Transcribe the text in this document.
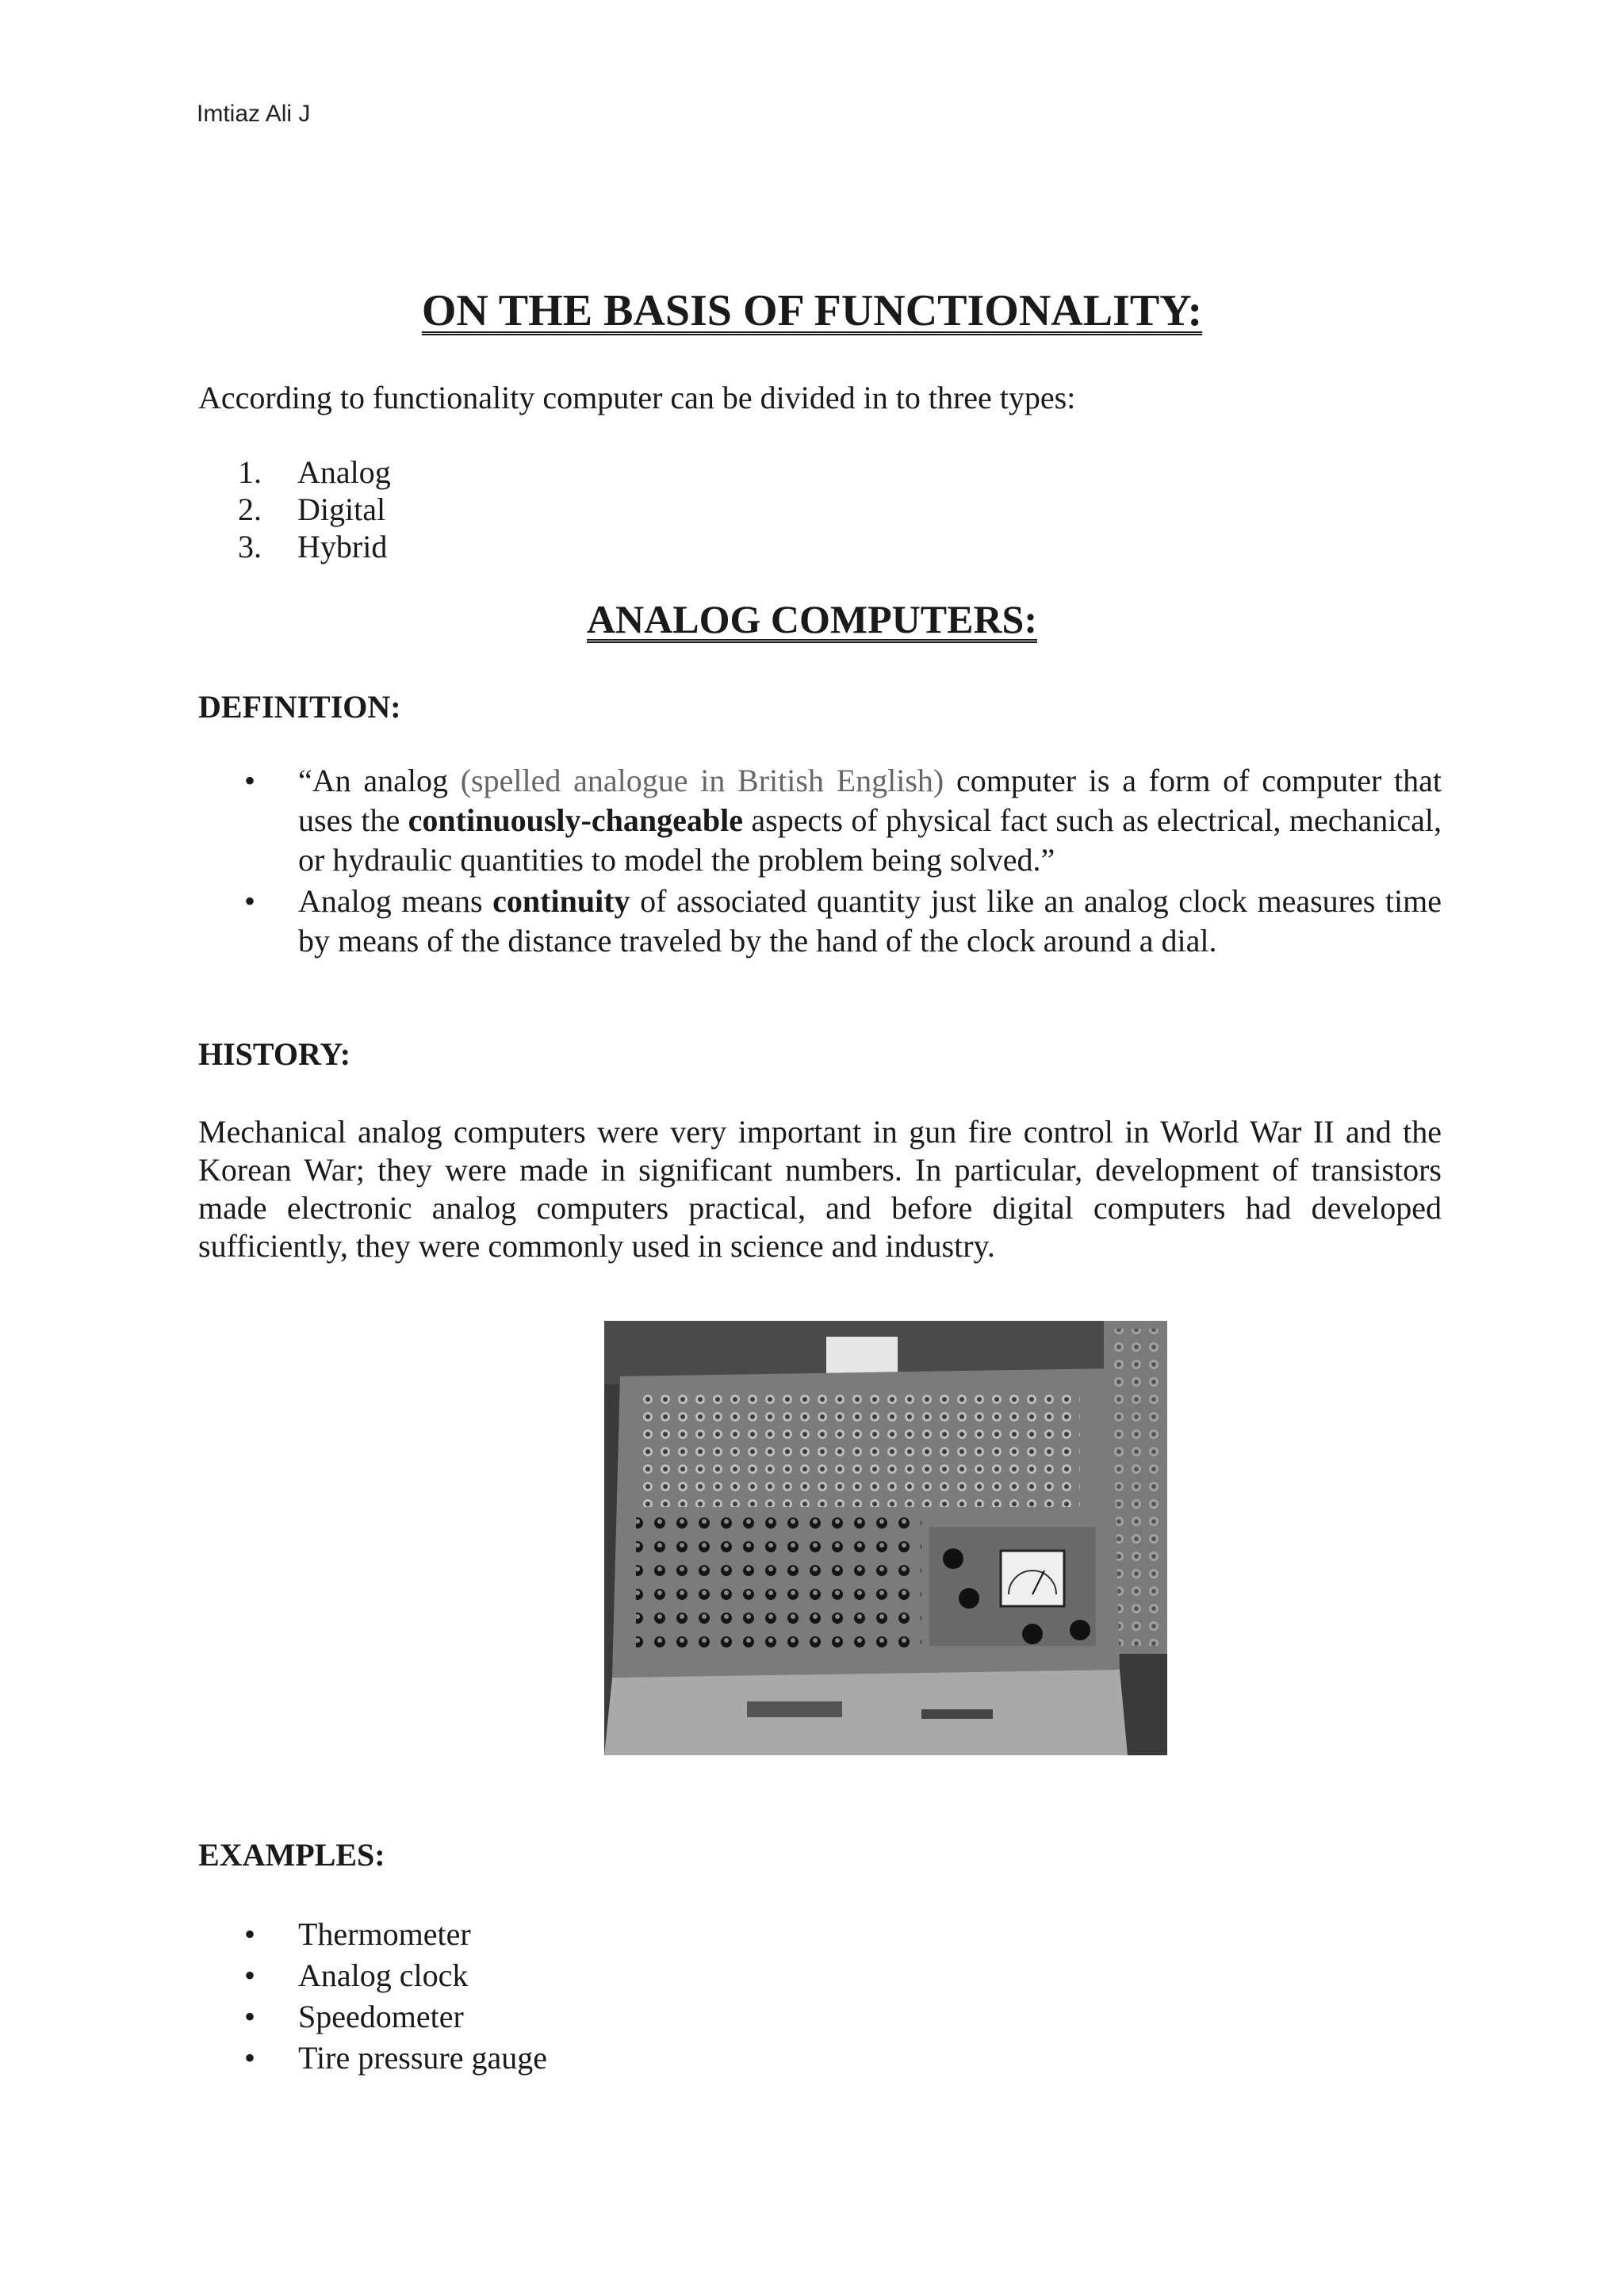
Imtiaz Ali J
ON THE BASIS OF FUNCTIONALITY:
According to functionality computer can be divided in to three types:
1.	Analog
2.	Digital
3.	Hybrid
ANALOG COMPUTERS:
DEFINITION:
•	“An analog (spelled analogue in British English) computer is a form of computer that uses the continuously-changeable aspects of physical fact such as electrical, mechanical, or hydraulic quantities to model the problem being solved.”
•	Analog means continuity of associated quantity just like an analog clock measures time by means of the distance traveled by the hand of the clock around a dial.
HISTORY:
Mechanical analog computers were very important in gun fire control in World War II and the Korean War; they were made in significant numbers. In particular, development of transistors made electronic analog computers practical, and before digital computers had developed sufficiently, they were commonly used in science and industry.
EXAMPLES:
•	Thermometer
•	Analog clock
•	Speedometer
•	Tire pressure gauge
